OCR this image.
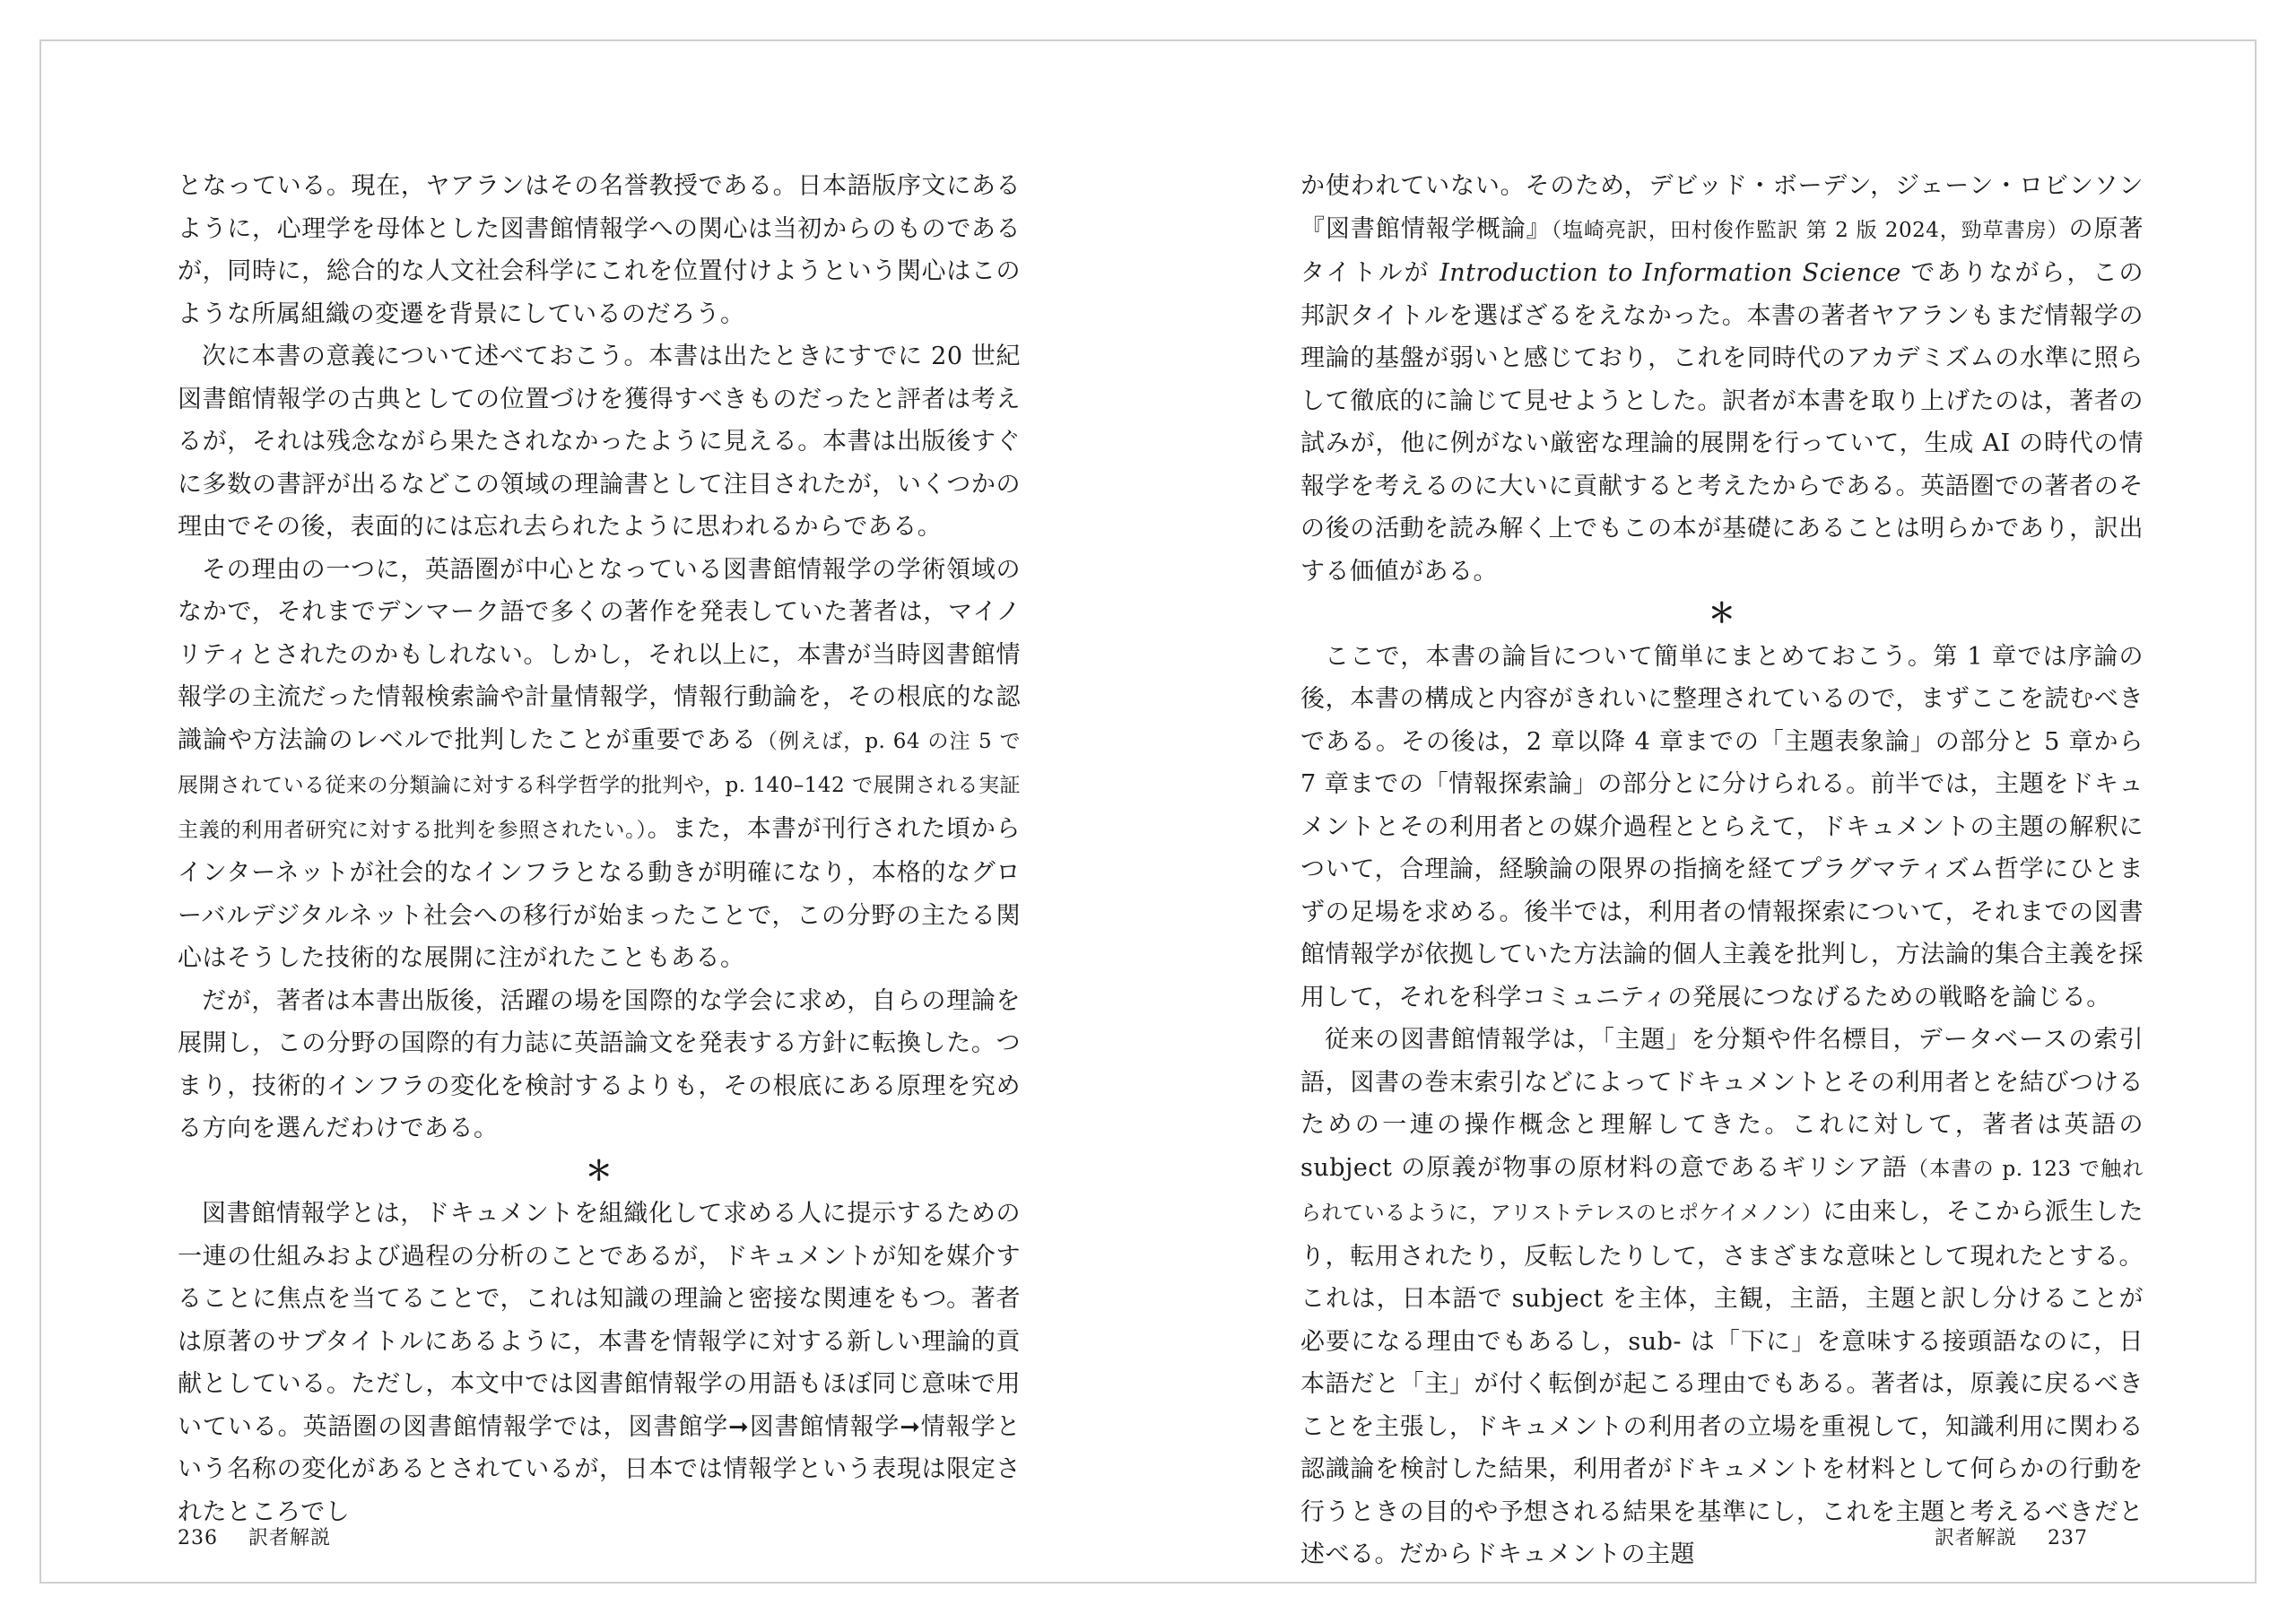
となっている。現在，ヤアランはその名誉教授である。日本語版序文にあるように，心理学を母体とした図書館情報学への関心は当初からのものであるが，同時に，総合的な人文社会科学にこれを位置付けようという関心はこのような所属組織の変遷を背景にしているのだろう。

次に本書の意義について述べておこう。本書は出たときにすでに 20 世紀図書館情報学の古典としての位置づけを獲得すべきものだったと評者は考えるが，それは残念ながら果たされなかったように見える。本書は出版後すぐに多数の書評が出るなどこの領域の理論書として注目されたが，いくつかの理由でその後，表面的には忘れ去られたように思われるからである。

その理由の一つに，英語圏が中心となっている図書館情報学の学術領域のなかで，それまでデンマーク語で多くの著作を発表していた著者は，マイノリティとされたのかもしれない。しかし，それ以上に，本書が当時図書館情報学の主流だった情報検索論や計量情報学，情報行動論を，その根底的な認識論や方法論のレベルで批判したことが重要である（例えば，p. 64 の注 5 で展開されている従来の分類論に対する科学哲学的批判や，p. 140–142 で展開される実証主義的利用者研究に対する批判を参照されたい。）。また，本書が刊行された頃からインターネットが社会的なインフラとなる動きが明確になり，本格的なグローバルデジタルネット社会への移行が始まったことで，この分野の主たる関心はそうした技術的な展開に注がれたこともある。

だが，著者は本書出版後，活躍の場を国際的な学会に求め，自らの理論を展開し，この分野の国際的有力誌に英語論文を発表する方針に転換した。つまり，技術的インフラの変化を検討するよりも，その根底にある原理を究める方向を選んだわけである。

＊

図書館情報学とは，ドキュメントを組織化して求める人に提示するための一連の仕組みおよび過程の分析のことであるが，ドキュメントが知を媒介することに焦点を当てることで，これは知識の理論と密接な関連をもつ。著者は原著のサブタイトルにあるように，本書を情報学に対する新しい理論的貢献としている。ただし，本文中では図書館情報学の用語もほぼ同じ意味で用いている。英語圏の図書館情報学では，図書館学➞図書館情報学➞情報学という名称の変化があるとされているが，日本では情報学という表現は限定されたところでし

236 訳者解説

か使われていない。そのため，デビッド・ボーデン，ジェーン・ロビンソン『図書館情報学概論』（塩崎亮訳，田村俊作監訳 第 2 版 2024，勁草書房）の原著タイトルが Introduction to Information Science でありながら，この邦訳タイトルを選ばざるをえなかった。本書の著者ヤアランもまだ情報学の理論的基盤が弱いと感じており，これを同時代のアカデミズムの水準に照らして徹底的に論じて見せようとした。訳者が本書を取り上げたのは，著者の試みが，他に例がない厳密な理論的展開を行っていて，生成 AI の時代の情報学を考えるのに大いに貢献すると考えたからである。英語圏での著者のその後の活動を読み解く上でもこの本が基礎にあることは明らかであり，訳出する価値がある。

＊

ここで，本書の論旨について簡単にまとめておこう。第 1 章では序論の後，本書の構成と内容がきれいに整理されているので，まずここを読むべきである。その後は，2 章以降 4 章までの「主題表象論」の部分と 5 章から 7 章までの「情報探索論」の部分とに分けられる。前半では，主題をドキュメントとその利用者との媒介過程ととらえて，ドキュメントの主題の解釈について，合理論，経験論の限界の指摘を経てプラグマティズム哲学にひとまずの足場を求める。後半では，利用者の情報探索について，それまでの図書館情報学が依拠していた方法論的個人主義を批判し，方法論的集合主義を採用して，それを科学コミュニティの発展につなげるための戦略を論じる。

従来の図書館情報学は，「主題」を分類や件名標目，データベースの索引語，図書の巻末索引などによってドキュメントとその利用者とを結びつけるための一連の操作概念と理解してきた。これに対して，著者は英語の subject の原義が物事の原材料の意であるギリシア語（本書の p. 123 で触れられているように，アリストテレスのヒポケイメノン）に由来し，そこから派生したり，転用されたり，反転したりして，さまざまな意味として現れたとする。これは，日本語で subject を主体，主観，主語，主題と訳し分けることが必要になる理由でもあるし，sub- は「下に」を意味する接頭語なのに，日本語だと「主」が付く転倒が起こる理由でもある。著者は，原義に戻るべきことを主張し，ドキュメントの利用者の立場を重視して，知識利用に関わる認識論を検討した結果，利用者がドキュメントを材料として何らかの行動を行うときの目的や予想される結果を基準にし，これを主題と考えるべきだと述べる。だからドキュメントの主題

訳者解説 237
